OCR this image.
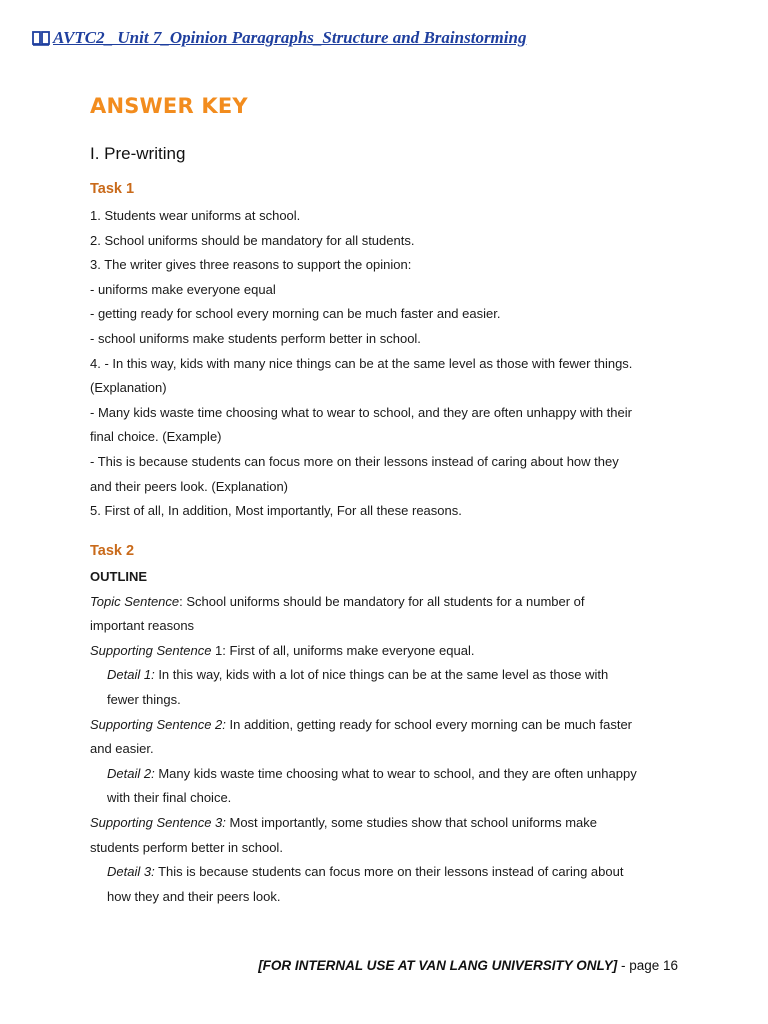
AVTC2_ Unit 7_Opinion Paragraphs_Structure and Brainstorming
ANSWER KEY
I. Pre-writing
Task 1
1. Students wear uniforms at school.
2. School uniforms should be mandatory for all students.
3. The writer gives three reasons to support the opinion:
- uniforms make everyone equal
- getting ready for school every morning can be much faster and easier.
- school uniforms make students perform better in school.
4. - In this way, kids with many nice things can be at the same level as those with fewer things.
(Explanation)
- Many kids waste time choosing what to wear to school, and they are often unhappy with their
final choice. (Example)
- This is because students can focus more on their lessons instead of caring about how they
and their peers look. (Explanation)
5. First of all, In addition, Most importantly, For all these reasons.
Task 2
OUTLINE
Topic Sentence: School uniforms should be mandatory for all students for a number of
important reasons
Supporting Sentence 1: First of all, uniforms make everyone equal.
Detail 1: In this way, kids with a lot of nice things can be at the same level as those with
fewer things.
Supporting Sentence 2: In addition, getting ready for school every morning can be much faster
and easier.
Detail 2: Many kids waste time choosing what to wear to school, and they are often unhappy
with their final choice.
Supporting Sentence 3: Most importantly, some studies show that school uniforms make
students perform better in school.
Detail 3: This is because students can focus more on their lessons instead of caring about
how they and their peers look.
[FOR INTERNAL USE AT VAN LANG UNIVERSITY ONLY] - page 16
